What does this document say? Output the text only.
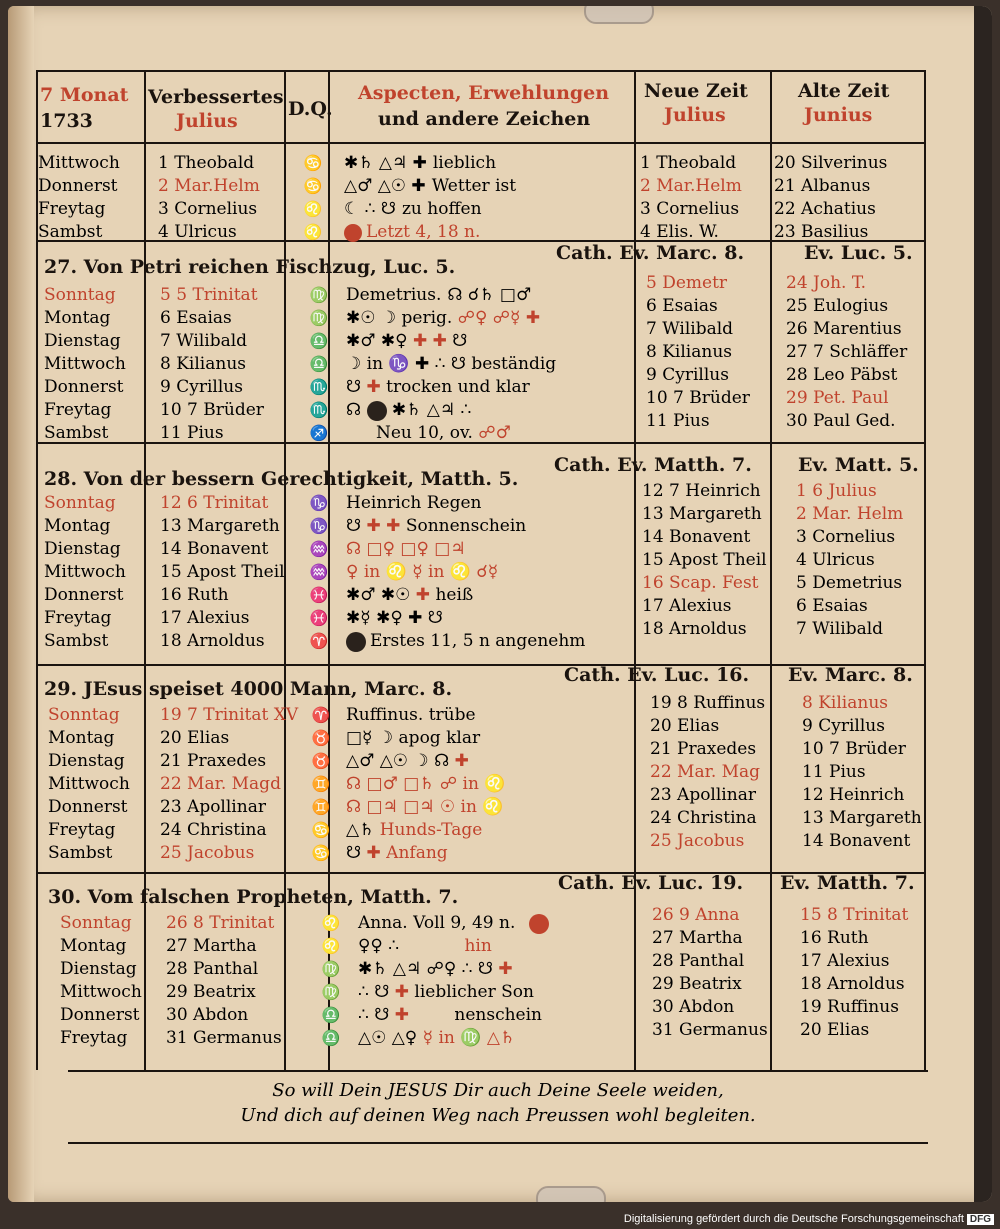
7 Monat
1733
Verbessertes
Julius
D.Q.
Aspecten, Erwehlungen
und andere Zeichen
Neue Zeit
Julius
Alte Zeit
Junius
Mittwoch
Donnerst
Freytag
Sambst
1 Theobald
2 Mar.Helm
3 Cornelius
4 Ulricus
♋
♋
♌
♌
✱♄ △♃ ✚ lieblich
△♂ △☉ ✚ Wetter ist
☾ ∴ ☋ zu hoffen
Letzt 4, 18 n.
1 Theobald
2 Mar.Helm
3 Cornelius
4 Elis. W.
20 Silverinus
21 Albanus
22 Achatius
23 Basilius
27. Von Petri reichen Fischzug, Luc. 5.
Cath. Ev. Marc. 8.	Ev. Luc. 5.
Sonntag
Montag
Dienstag
Mittwoch
Donnerst
Freytag
Sambst
5 5 Trinitat
6 Esaias
7 Wilibald
8 Kilianus
9 Cyrillus
10 7 Brüder
11 Pius
♍
♍
♎
♎
♏
♏
♐
Demetrius. ☊ ☌♄ □♂
✱☉ ☽ perig. ☍♀ ☍☿ ✚
✱♂ ✱♀ ✚ ✚ ☋
☽ in ♑ ✚ ∴ ☋ beständig
☋ ✚ trocken und klar
☊  ✱♄ △♃ ∴
Neu 10, ov. ☍♂
5 Demetr
6 Esaias
7 Wilibald
8 Kilianus
9 Cyrillus
10 7 Brüder
11 Pius
24 Joh. T.
25 Eulogius
26 Marentius
27 7 Schläffer
28 Leo Päbst
29 Pet. Paul
30 Paul Ged.
28. Von der bessern Gerechtigkeit, Matth. 5.
Cath. Ev. Matth. 7. Ev. Matt. 5.
Sonntag
Montag
Dienstag
Mittwoch
Donnerst
Freytag
Sambst
12 6 Trinitat
13 Margareth
14 Bonavent
15 Apost Theil
16 Ruth
17 Alexius
18 Arnoldus
♑
♑
♒
♒
♓
♓
♈
Heinrich Regen
☋ ✚ ✚ Sonnenschein
☊ □♀ □♀ □♃
♀ in ♌ ☿ in ♌ ☌☿
✱♂ ✱☉ ✚ heiß
✱☿ ✱♀ ✚ ☋
Erstes 11, 5 n angenehm
12 7 Heinrich
13 Margareth
14 Bonavent
15 Apost Theil
16 Scap. Fest
17 Alexius
18 Arnoldus
1 6 Julius
2 Mar. Helm
3 Cornelius
4 Ulricus
5 Demetrius
6 Esaias
7 Wilibald
29. JEsus speiset 4000 Mann, Marc. 8.
Cath. Ev. Luc. 16. Ev. Marc. 8.
Sonntag
Montag
Dienstag
Mittwoch
Donnerst
Freytag
Sambst
19 7 Trinitat XV
20 Elias
21 Praxedes
22 Mar. Magd
23 Apollinar
24 Christina
25 Jacobus
♈
♉
♉
♊
♊
♋
♋
Ruffinus. trübe
□☿ ☽ apog klar
△♂ △☉ ☽ ☊ ✚
☊ □♂ □♄ ☍ in ♌
☊ □♃ □♃ ☉ in ♌
△♄ Hunds-Tage
☋ ✚ Anfang
19 8 Ruffinus
20 Elias
21 Praxedes
22 Mar. Mag
23 Apollinar
24 Christina
25 Jacobus
8 Kilianus
9 Cyrillus
10 7 Brüder
11 Pius
12 Heinrich
13 Margareth
14 Bonavent
30. Vom falschen Propheten, Matth. 7.
Cath. Ev. Luc. 19. Ev. Matth. 7.
Sonntag
Montag
Dienstag
Mittwoch
Donnerst
Freytag
26 8 Trinitat
27 Martha
28 Panthal
29 Beatrix
30 Abdon
31 Germanus
♌
♌
♍
♍
♎
♎
Anna. Voll 9, 49 n.
♀♀ ∴	hin
✱♄ △♃ ☍♀ ∴ ☋ ✚
∴ ☋ ✚ lieblicher Son
∴ ☋ ✚ nenschein
△☉ △♀ ☿ in ♍ △♄
26 9 Anna
27 Martha
28 Panthal
29 Beatrix
30 Abdon
31 Germanus
15 8 Trinitat
16 Ruth
17 Alexius
18 Arnoldus
19 Ruffinus
20 Elias
So will Dein JESUS Dir auch Deine Seele weiden,
Und dich auf deinen Weg nach Preussen wohl begleiten.
Digitalisierung gefördert durch die Deutsche Forschungsgemeinschaft DFG
